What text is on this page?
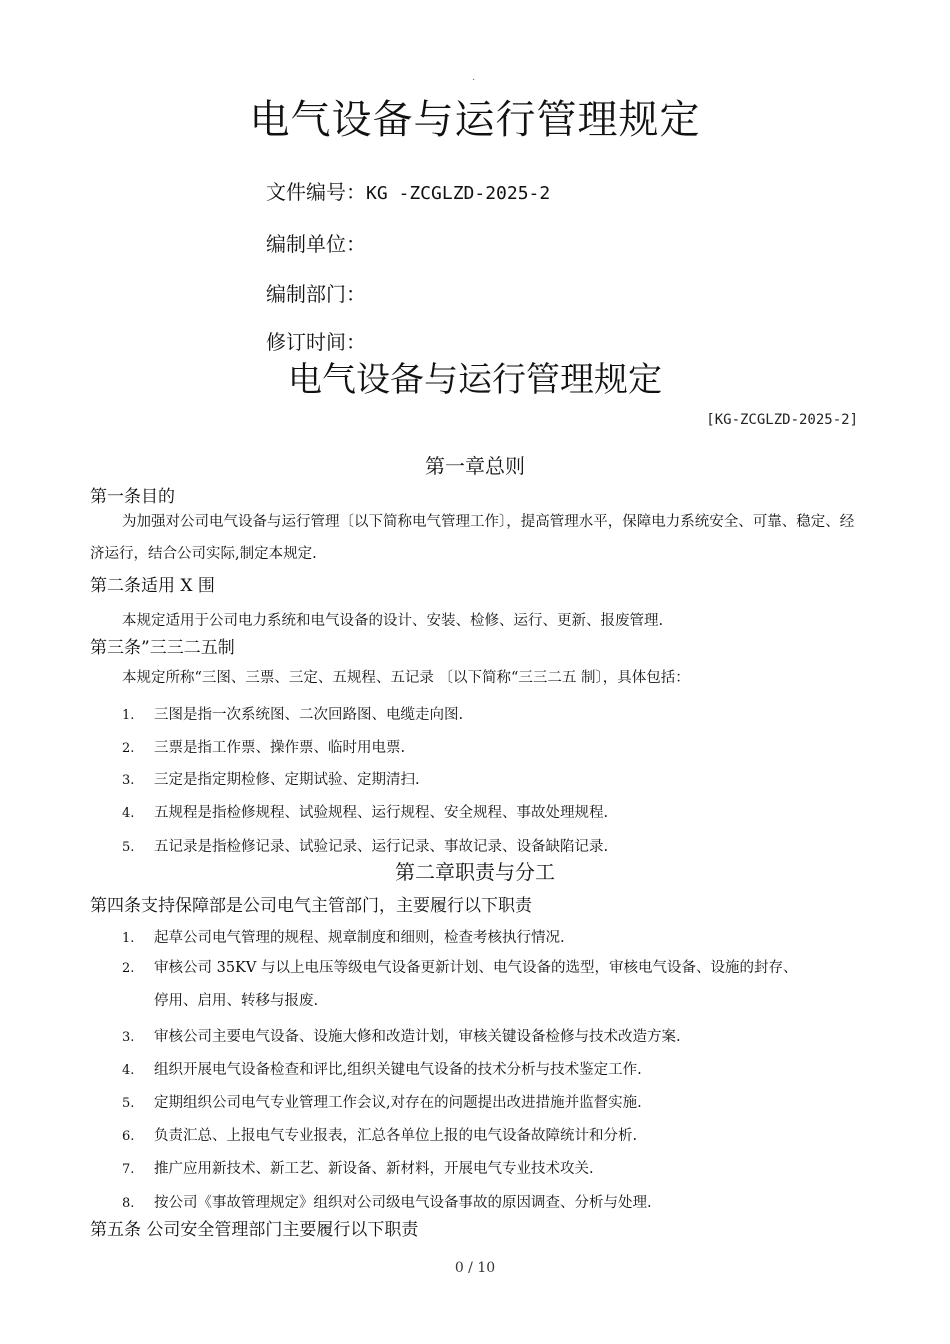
.
电气设备与运行管理规定
文件编号：KG -ZCGLZD-2025-2
编制单位：
编制部门：
修订时间：
电气设备与运行管理规定
[KG-ZCGLZD-2025-2]
第一章总则
第一条目的
为加强对公司电气设备与运行管理〔以下简称电气管理工作〕，提高管理水平，保障电力系统安全、可靠、稳定、经济运行，结合公司实际,制定本规定.
第二条适用 X 围
本规定适用于公司电力系统和电气设备的设计、安装、检修、运行、更新、报废管理.
第三条”三三二五制
本规定所称“三图、三票、三定、五规程、五记录 〔以下简称“三三二五 制〕，具体包括：
1. 三图是指一次系统图、二次回路图、电缆走向图.
2. 三票是指工作票、操作票、临时用电票.
3. 三定是指定期检修、定期试验、定期清扫.
4. 五规程是指检修规程、试验规程、运行规程、安全规程、事故处理规程.
5. 五记录是指检修记录、试验记录、运行记录、事故记录、设备缺陷记录.
第二章职责与分工
第四条支持保障部是公司电气主管部门，主要履行以下职责
1. 起草公司电气管理的规程、规章制度和细则，检查考核执行情况.
2. 审核公司 35KV 与以上电压等级电气设备更新计划、电气设备的选型，审核电气设备、设施的封存、
停用、启用、转移与报废.
3. 审核公司主要电气设备、设施大修和改造计划，审核关键设备检修与技术改造方案.
4. 组织开展电气设备检查和评比,组织关键电气设备的技术分析与技术鉴定工作.
5. 定期组织公司电气专业管理工作会议,对存在的问题提出改进措施并监督实施.
6. 负责汇总、上报电气专业报表，汇总各单位上报的电气设备故障统计和分析.
7. 推广应用新技术、新工艺、新设备、新材料，开展电气专业技术攻关.
8. 按公司《事故管理规定》组织对公司级电气设备事故的原因调查、分析与处理.
第五条 公司安全管理部门主要履行以下职责
0 / 10
